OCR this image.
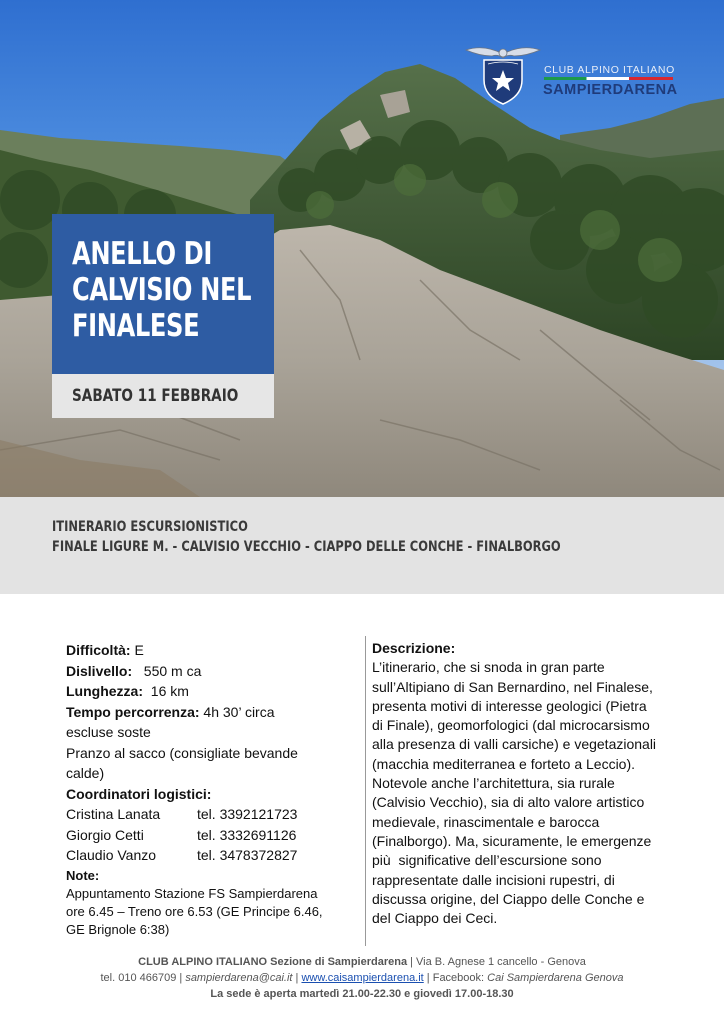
CLUB ALPINO ITALIANO
SAMPIERDARENA
ANELLO DI
CALVISIO NEL
FINALESE
SABATO 11 FEBBRAIO
ITINERARIO ESCURSIONISTICO
FINALE LIGURE M. - CALVISIO VECCHIO - CIAPPO DELLE CONCHE - FINALBORGO
Difficoltà: E
Dislivello:   550 m ca
Lunghezza:  16 km
Tempo percorrenza: 4h 30’ circa
escluse soste
Pranzo al sacco (consigliate bevande
calde)
Coordinatori logistici:
Cristina Lanata	tel. 3392121723
Giorgio Cetti	tel. 3332691126
Claudio Vanzo	tel. 3478372827
Note:
Appuntamento Stazione FS Sampierdarena
ore 6.45 – Treno ore 6.53 (GE Principe 6.46,
GE Brignole 6:38)
Descrizione:
L’itinerario, che si snoda in gran parte
sull’Altipiano di San Bernardino, nel Finalese,
presenta motivi di interesse geologici (Pietra
di Finale), geomorfologici (dal microcarsismo
alla presenza di valli carsiche) e vegetazionali
(macchia mediterranea e forteto a Leccio).
Notevole anche l’architettura, sia rurale
(Calvisio Vecchio), sia di alto valore artistico
medievale, rinascimentale e barocca
(Finalborgo). Ma, sicuramente, le emergenze
più  significative dell’escursione sono
rappresentate dalle incisioni rupestri, di
discussa origine, del Ciappo delle Conche e
del Ciappo dei Ceci.
CLUB ALPINO ITALIANO Sezione di Sampierdarena | Via B. Agnese 1 cancello - Genova
tel. 010 466709 | sampierdarena@cai.it | www.caisampierdarena.it | Facebook: Cai Sampierdarena Genova
La sede è aperta martedì 21.00-22.30 e giovedì 17.00-18.30
